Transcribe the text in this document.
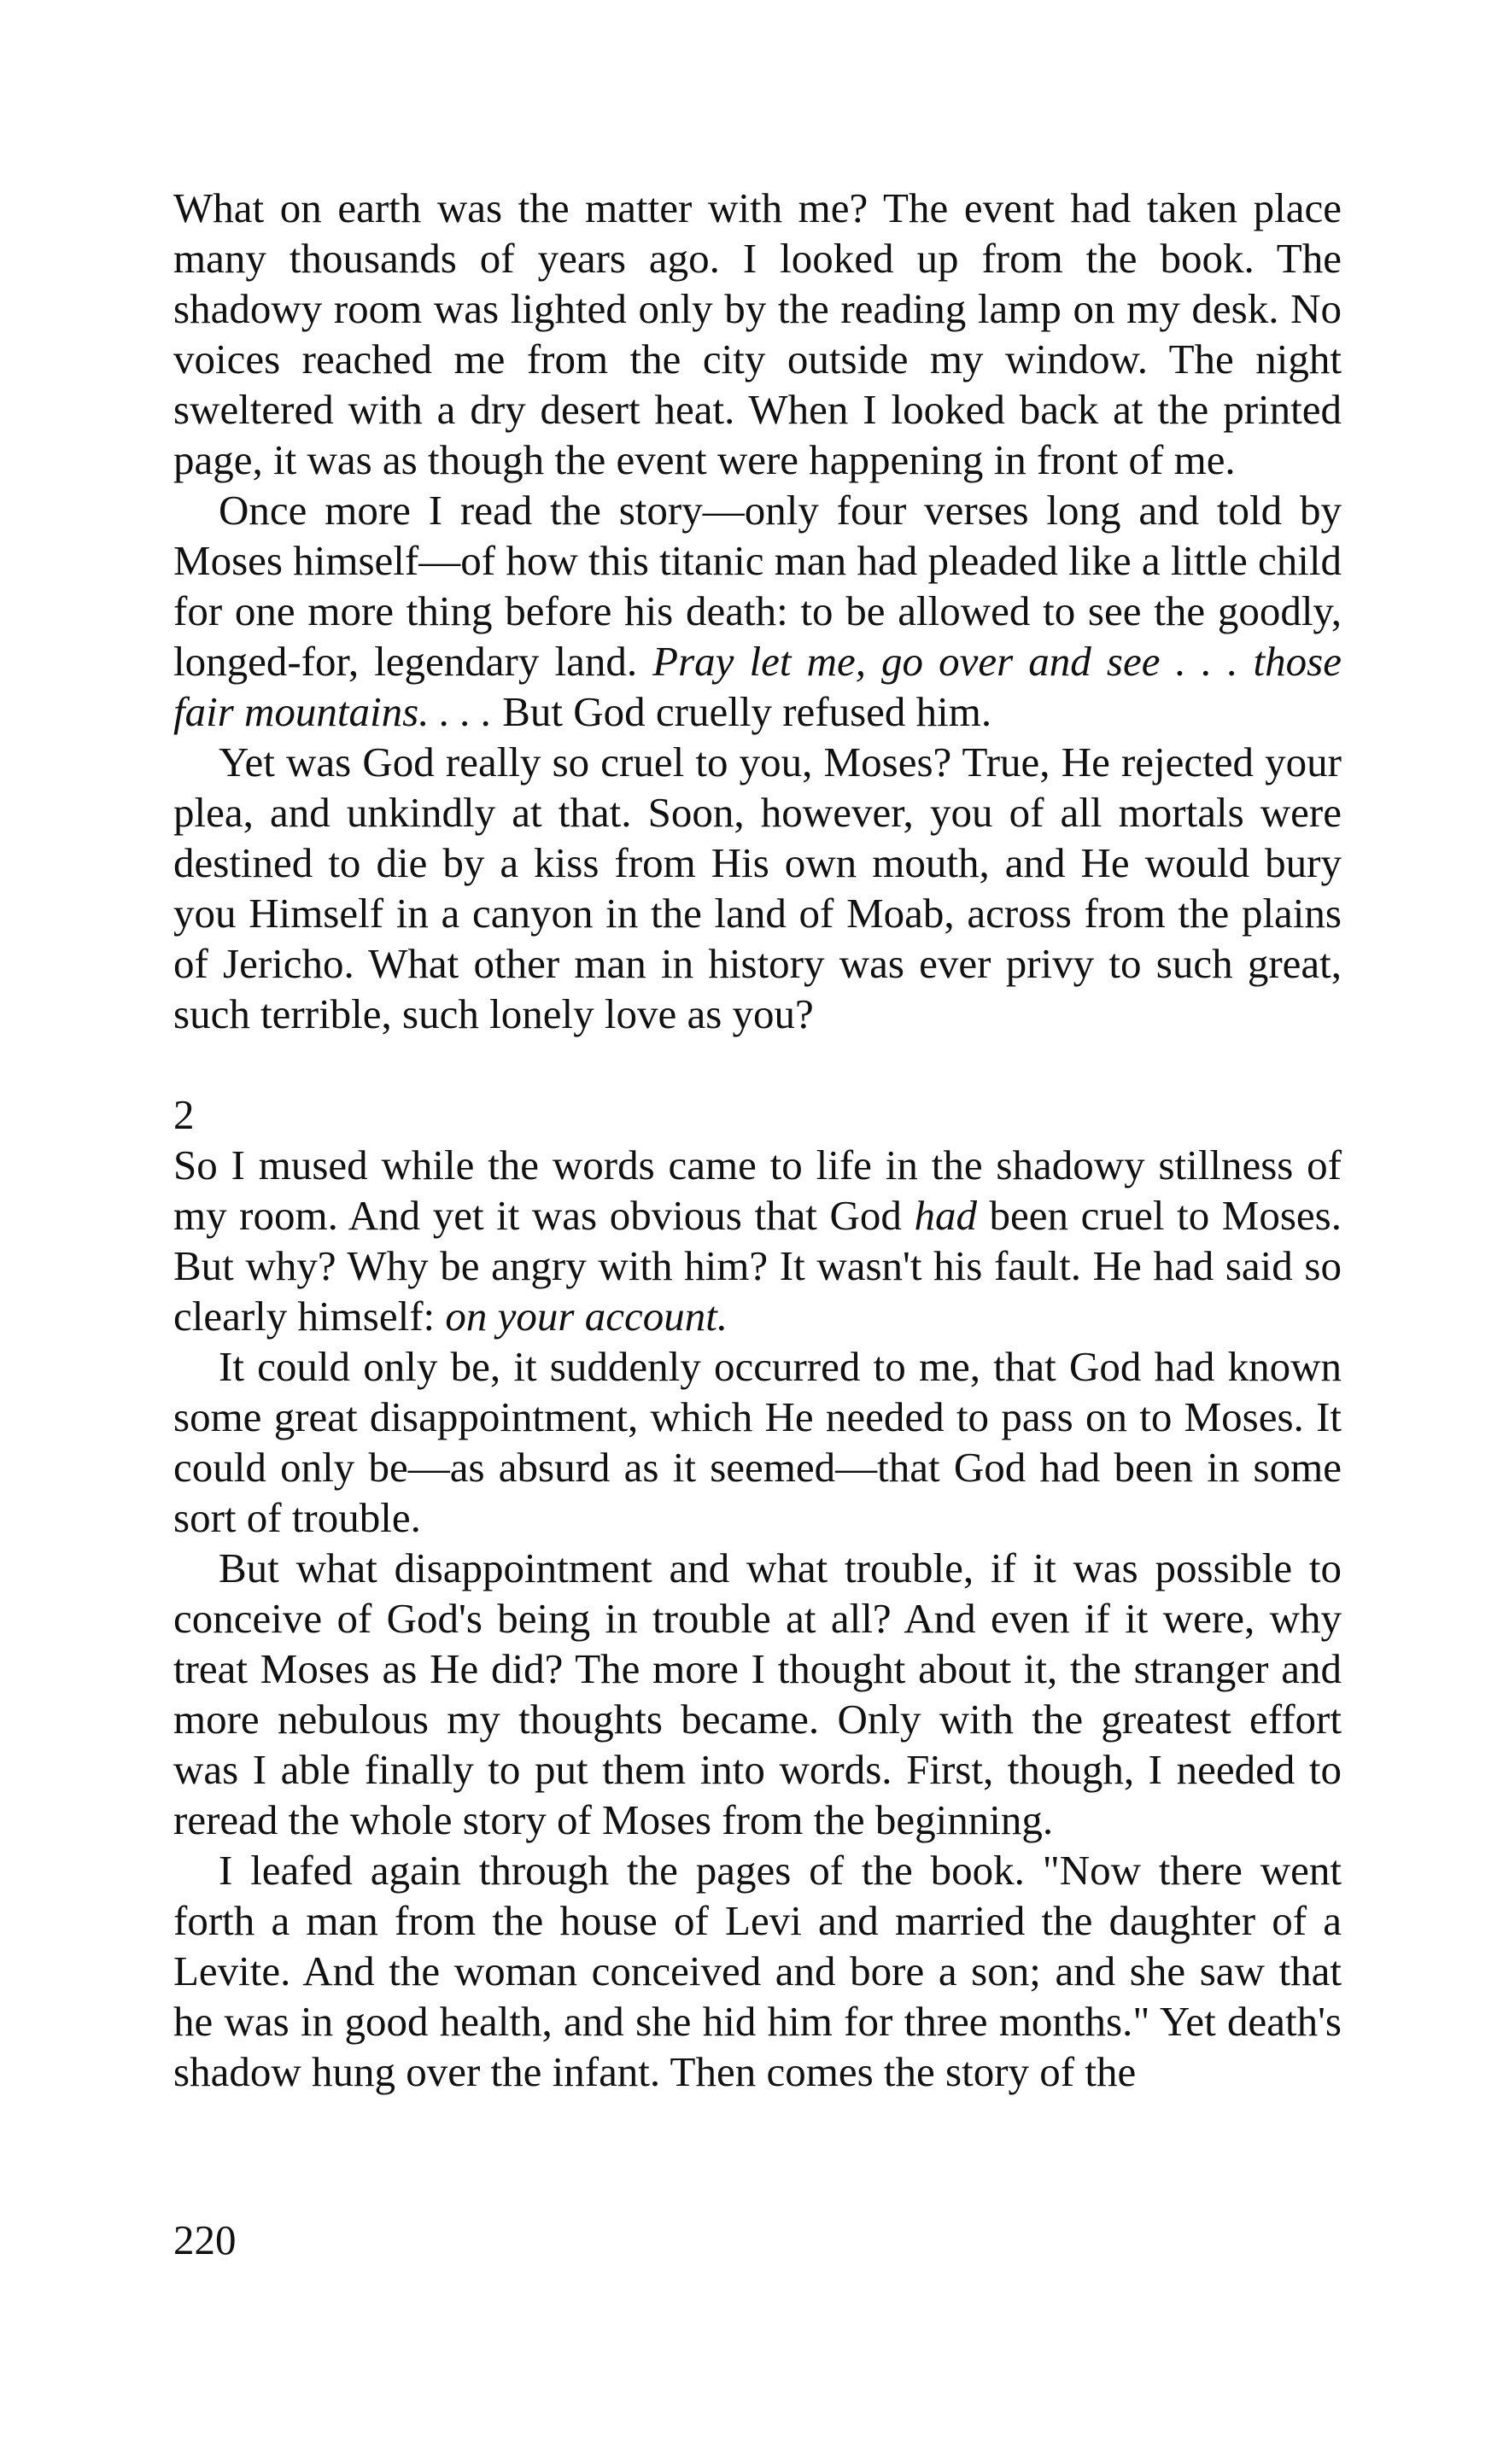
What on earth was the matter with me? The event had taken place many thousands of years ago. I looked up from the book. The shadowy room was lighted only by the reading lamp on my desk. No voices reached me from the city outside my window. The night sweltered with a dry desert heat. When I looked back at the printed page, it was as though the event were happening in front of me.

Once more I read the story—only four verses long and told by Moses himself—of how this titanic man had pleaded like a little child for one more thing before his death: to be allowed to see the goodly, longed-for, legendary land. Pray let me, go over and see . . . those fair mountains. . . . But God cruelly refused him.

Yet was God really so cruel to you, Moses? True, He rejected your plea, and unkindly at that. Soon, however, you of all mortals were destined to die by a kiss from His own mouth, and He would bury you Himself in a canyon in the land of Moab, across from the plains of Jericho. What other man in history was ever privy to such great, such terrible, such lonely love as you?

2

So I mused while the words came to life in the shadowy stillness of my room. And yet it was obvious that God had been cruel to Moses. But why? Why be angry with him? It wasn't his fault. He had said so clearly himself: on your account.

It could only be, it suddenly occurred to me, that God had known some great disappointment, which He needed to pass on to Moses. It could only be—as absurd as it seemed—that God had been in some sort of trouble.

But what disappointment and what trouble, if it was possible to conceive of God's being in trouble at all? And even if it were, why treat Moses as He did? The more I thought about it, the stranger and more nebulous my thoughts became. Only with the greatest effort was I able finally to put them into words. First, though, I needed to reread the whole story of Moses from the beginning.

I leafed again through the pages of the book. "Now there went forth a man from the house of Levi and married the daughter of a Levite. And the woman conceived and bore a son; and she saw that he was in good health, and she hid him for three months." Yet death's shadow hung over the infant. Then comes the story of the

220
